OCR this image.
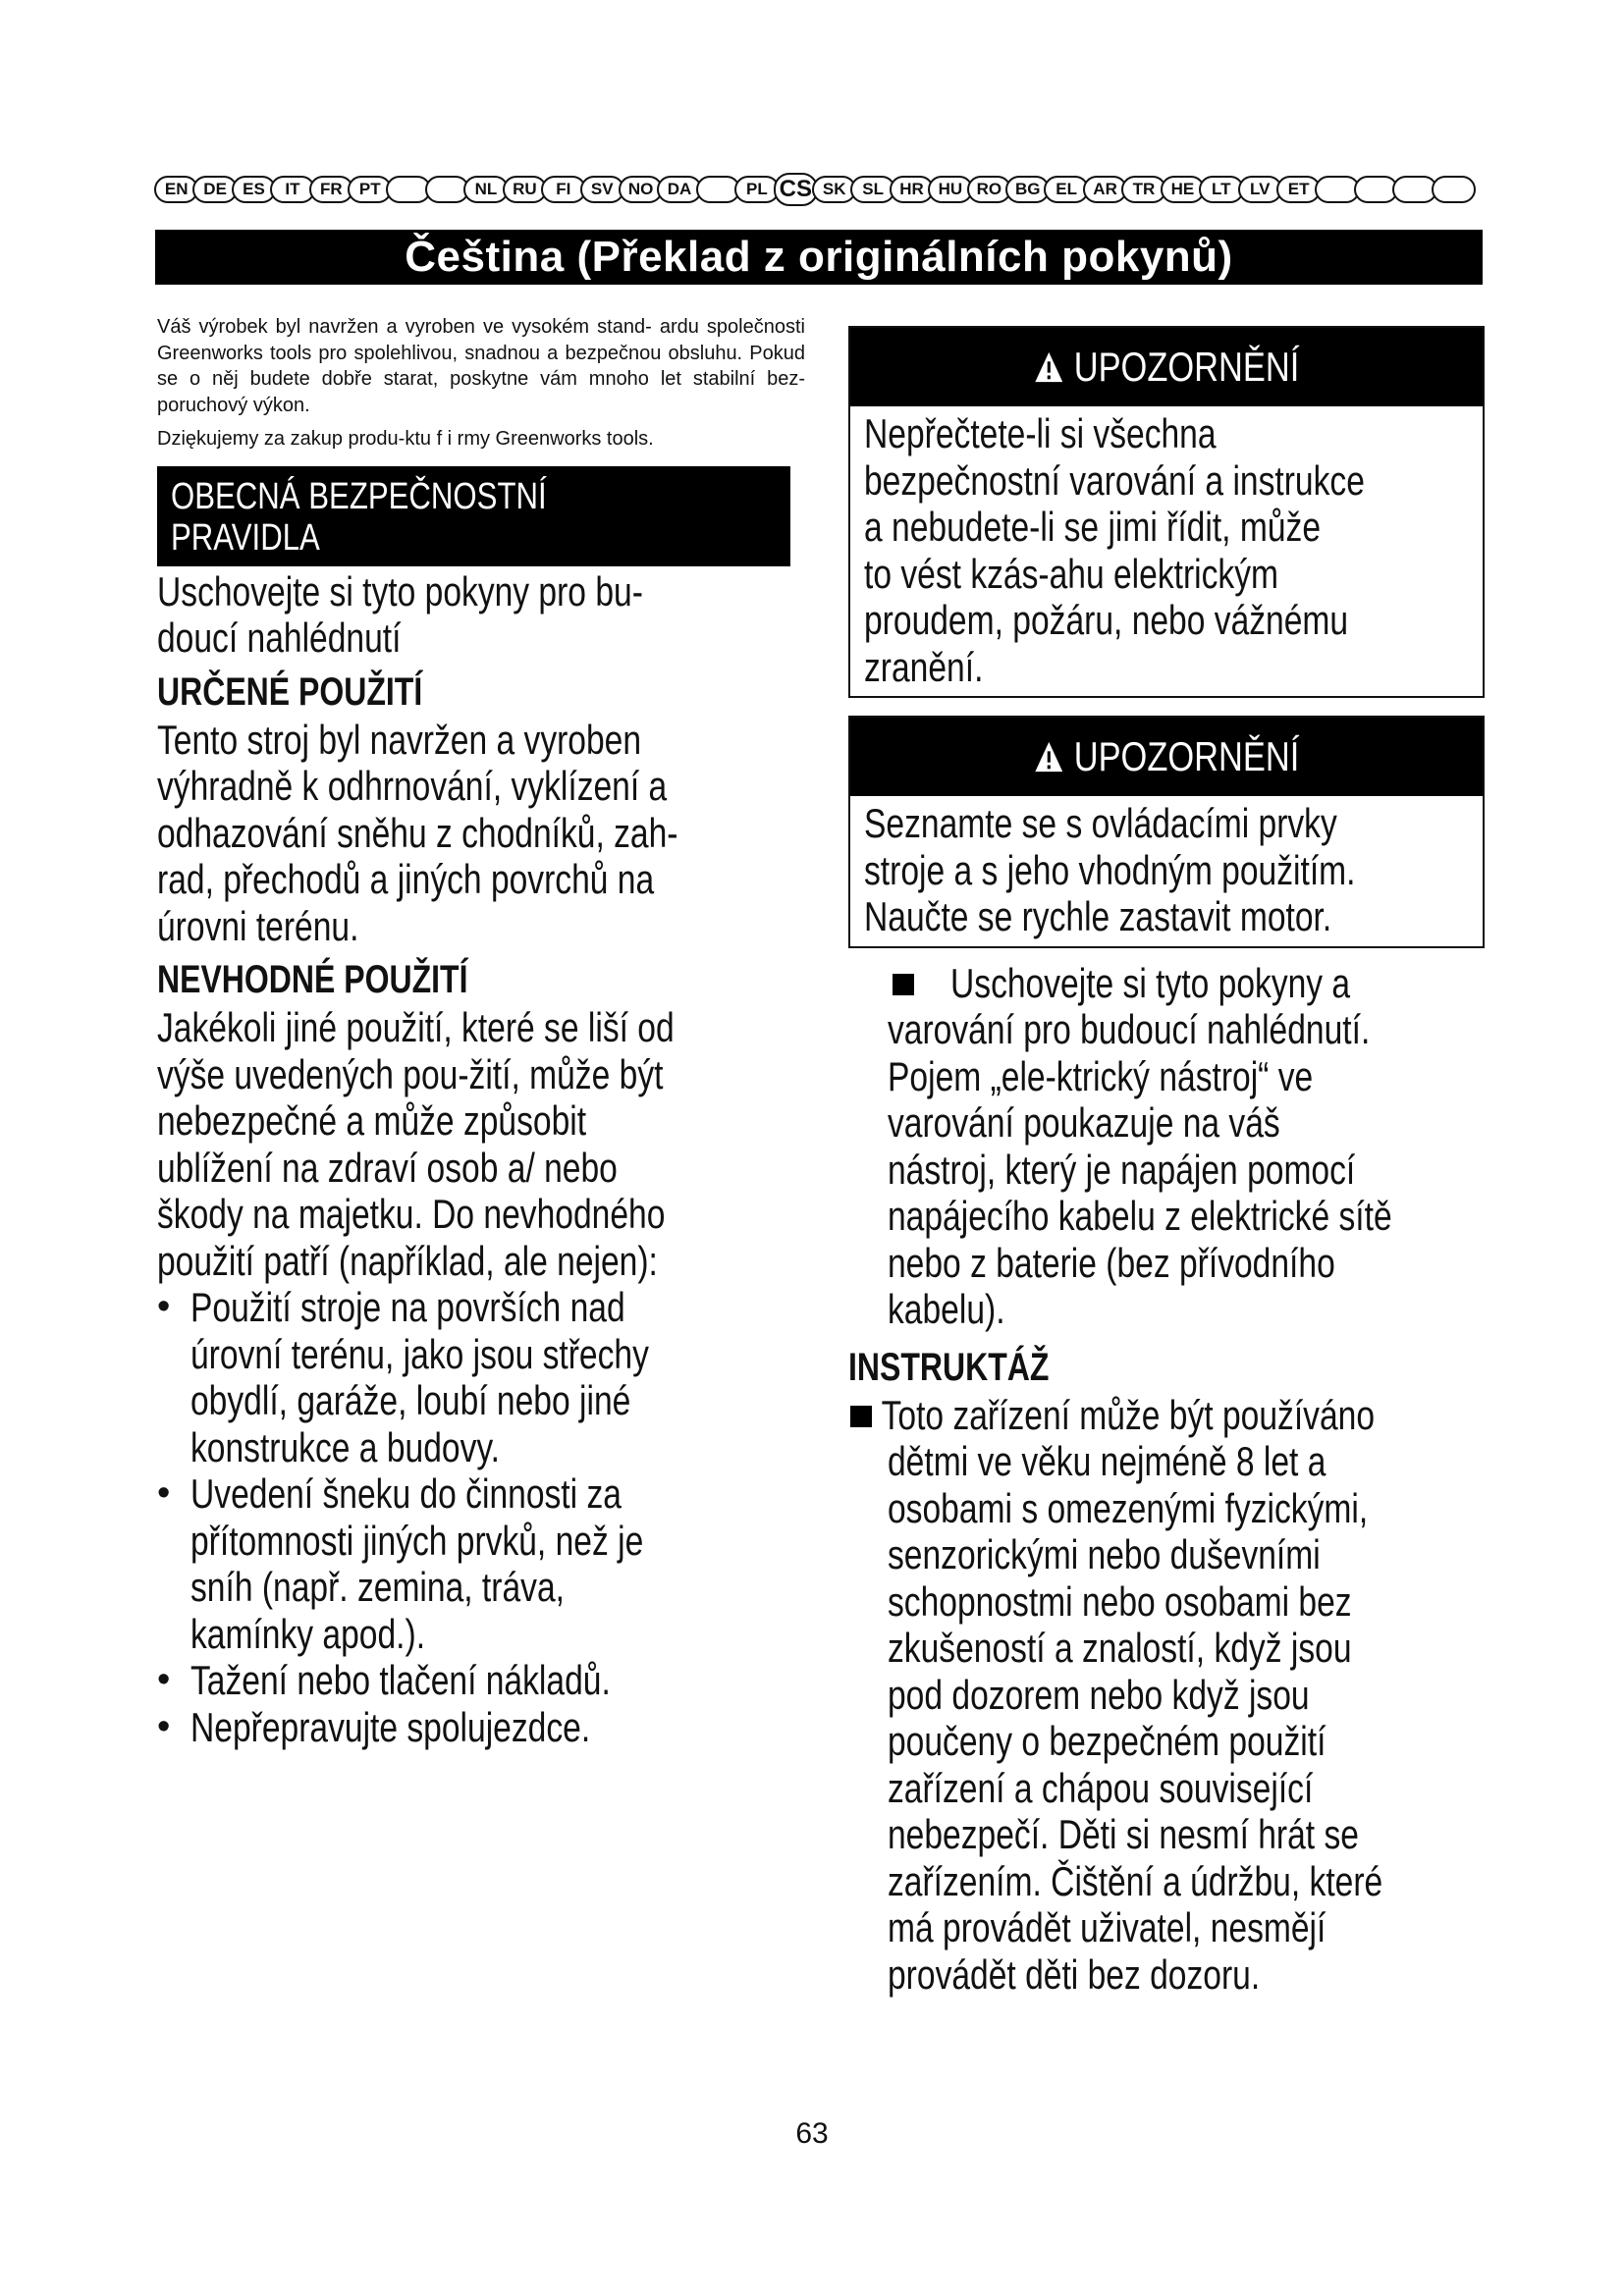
EN DE ES	IT	FR	PT	NL RU	FI	SV NO DA	PL CS SK SL HR HU RO BG EL AR TR HE	LT	LV	ET
Čeština (Překlad z originálních pokynů)

Váš výrobek byl navržen a vyroben ve vysokém stand- ardu společnosti Greenworks tools pro spolehlivou, snadnou a bezpečnou obsluhu. Pokud se o něj budete dobře starat, poskytne vám mnoho let stabilní bez- poruchový výkon.

Dziękujemy za zakup produ-ktu f i rmy Greenworks tools.

OBECNÁ BEZPEČNOSTNÍ
PRAVIDLA
Uschovejte si tyto pokyny pro bu-
doucí nahlédnutí
URČENÉ POUŽITÍ
Tento stroj byl navržen a vyroben
výhradně k odhrnování, vyklízení a
odhazování sněhu z chodníků, zah-
rad, přechodů a jiných povrchů na
úrovni terénu.
NEVHODNÉ POUŽITÍ
Jakékoli jiné použití, které se liší od
výše uvedených pou-žití, může být
nebezpečné a může způsobit
ublížení na zdraví osob a/ nebo
škody na majetku. Do nevhodného
použití patří (například, ale nejen):
• Použití stroje na površích nad
úrovní terénu, jako jsou střechy
obydlí, garáže, loubí nebo jiné
konstrukce a budovy.
• Uvedení šneku do činnosti za
přítomnosti jiných prvků, než je
sníh (např. zemina, tráva,
kamínky apod.).
• Tažení nebo tlačení nákladů.
• Nepřepravujte spolujezdce.
UPOZORNĚNÍ
Nepřečtete-li si všechna
bezpečnostní varování a instrukce
a nebudete-li se jimi řídit, může
to vést kzás-ahu elektrickým
proudem, požáru, nebo vážnému
zranění.
UPOZORNĚNÍ
Seznamte se s ovládacími prvky
stroje a s jeho vhodným použitím.
Naučte se rychle zastavit motor.
Uschovejte si tyto pokyny a
varování pro budoucí nahlédnutí.
Pojem „ele-ktrický nástroj“ ve
varování poukazuje na váš
nástroj, který je napájen pomocí
napájecího kabelu z elektrické sítě
nebo z baterie (bez přívodního
kabelu).
INSTRUKTÁŽ
Toto zařízení může být používáno
dětmi ve věku nejméně 8 let a
osobami s omezenými fyzickými,
senzorickými nebo duševními
schopnostmi nebo osobami bez
zkušeností a znalostí, když jsou
pod dozorem nebo když jsou
poučeny o bezpečném použití
zařízení a chápou související
nebezpečí. Děti si nesmí hrát se
zařízením. Čištění a údržbu, které
má provádět uživatel, nesmějí
provádět děti bez dozoru.
63
